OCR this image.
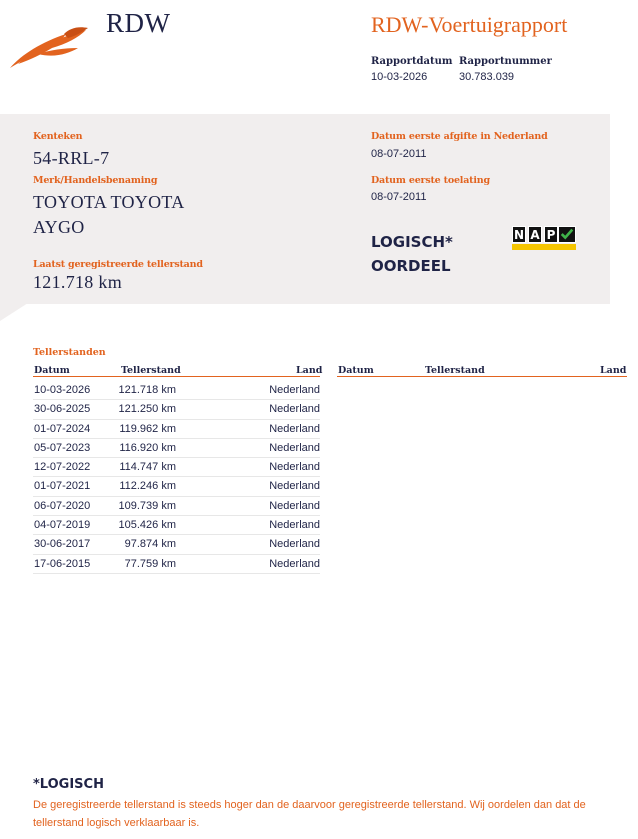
RDW	RDW-Voertuigrapport
Rapportdatum
10-03-2026
Rapportnummer
30.783.039
Kenteken
54-RRL-7
Merk/Handelsbenaming
TOYOTA TOYOTA
AYGO
Laatst geregistreerde tellerstand
121.718 km
Datum eerste afgifte in Nederland
08-07-2011
Datum eerste toelating
08-07-2011
LOGISCH*
OORDEEL
N A P
Tellerstanden
Datum	Tellerstand	Land Datum	Tellerstand	Land
10-03-2026	121.718 km	Nederland
30-06-2025	121.250 km	Nederland
01-07-2024	119.962 km	Nederland
05-07-2023	116.920 km	Nederland
12-07-2022	114.747 km	Nederland
01-07-2021	112.246 km	Nederland
06-07-2020	109.739 km	Nederland
04-07-2019	105.426 km	Nederland
30-06-2017	97.874 km	Nederland
17-06-2015	77.759 km	Nederland
*LOGISCH
De geregistreerde tellerstand is steeds hoger dan de daarvoor geregistreerde tellerstand. Wij oordelen dan dat de tellerstand logisch verklaarbaar is.
